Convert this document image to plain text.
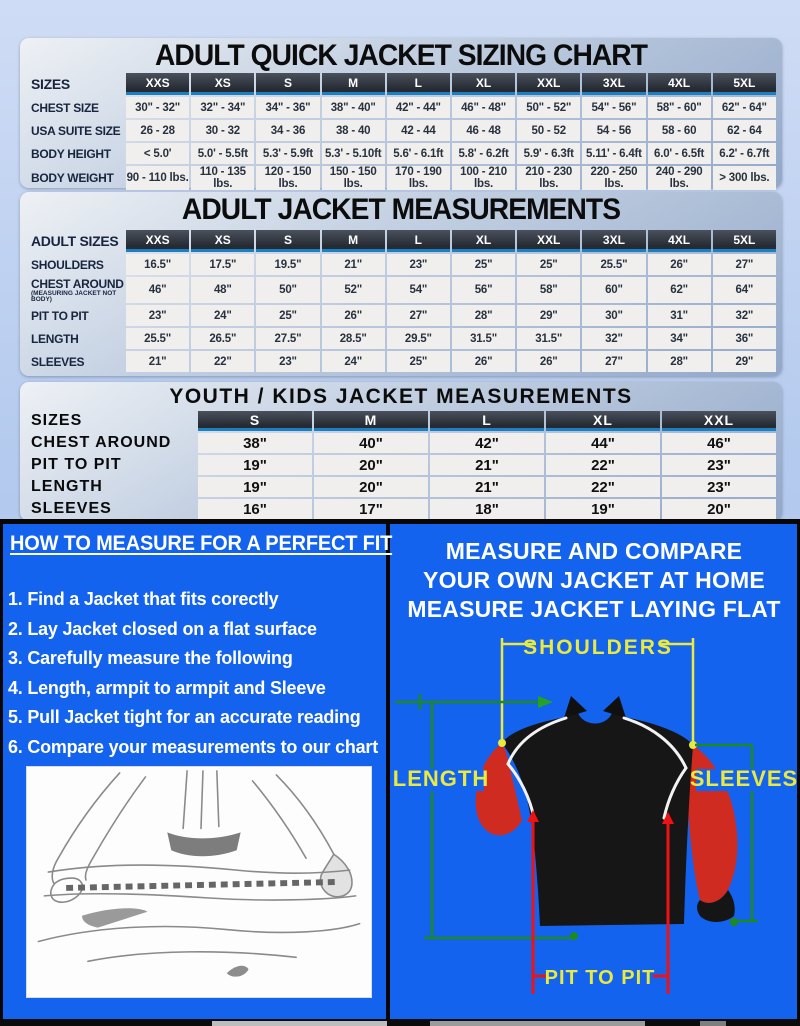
ADULT QUICK JACKET SIZING CHART
SIZES	XXS	XS	S	M	L	XL	XXL	3XL	4XL	5XL
CHEST SIZE	30" - 32"	32" - 34"	34" - 36"	38" - 40"	42" - 44"	46" - 48"	50" - 52"	54" - 56"	58" - 60"	62" - 64"
USA SUITE SIZE	26 - 28	30 - 32	34 - 36	38 - 40	42 - 44	46 - 48	50 - 52	54 - 56	58 - 60	62 - 64
BODY HEIGHT	< 5.0'	5.0' - 5.5ft	5.3' - 5.9ft	5.3' - 5.10ft	5.6' - 6.1ft	5.8' - 6.2ft	5.9' - 6.3ft	5.11' - 6.4ft	6.0' - 6.5ft	6.2' - 6.7ft
BODY WEIGHT	90 - 110 lbs.	110 - 135 lbs.	120 - 150 lbs.	150 - 150 lbs.	170 - 190 lbs.	100 - 210 lbs.	210 - 230 lbs.	220 - 250 lbs.	240 - 290 lbs.	> 300 lbs.
ADULT JACKET MEASUREMENTS
ADULT SIZES	XXS	XS	S	M	L	XL	XXL	3XL	4XL	5XL
SHOULDERS	16.5"	17.5"	19.5"	21"	23"	25"	25"	25.5"	26"	27"
CHEST AROUND
(MEASURING JACKET NOT BODY)	46"	48"	50"	52"	54"	56"	58"	60"	62"	64"
PIT TO PIT	23"	24"	25"	26"	27"	28"	29"	30"	31"	32"
LENGTH	25.5"	26.5"	27.5"	28.5"	29.5"	31.5"	31.5"	32"	34"	36"
SLEEVES	21"	22"	23"	24"	25"	26"	26"	27"	28"	29"
YOUTH / KIDS JACKET MEASUREMENTS
SIZES	S	M	L	XL	XXL
CHEST AROUND	38"	40"	42"	44"	46"
PIT TO PIT	19"	20"	21"	22"	23"
LENGTH	19"	20"	21"	22"	23"
SLEEVES	16"	17"	18"	19"	20"
HOW TO MEASURE FOR A PERFECT FIT
1. Find a Jacket that fits corectly
2. Lay Jacket closed on a flat surface
3. Carefully measure the following
4. Length, armpit to armpit and Sleeve
5. Pull Jacket tight for an accurate reading
6. Compare your measurements to our chart
MEASURE AND COMPARE
YOUR OWN JACKET AT HOME
MEASURE JACKET LAYING FLAT
SHOULDERS
LENGTH	SLEEVES
PIT TO PIT
